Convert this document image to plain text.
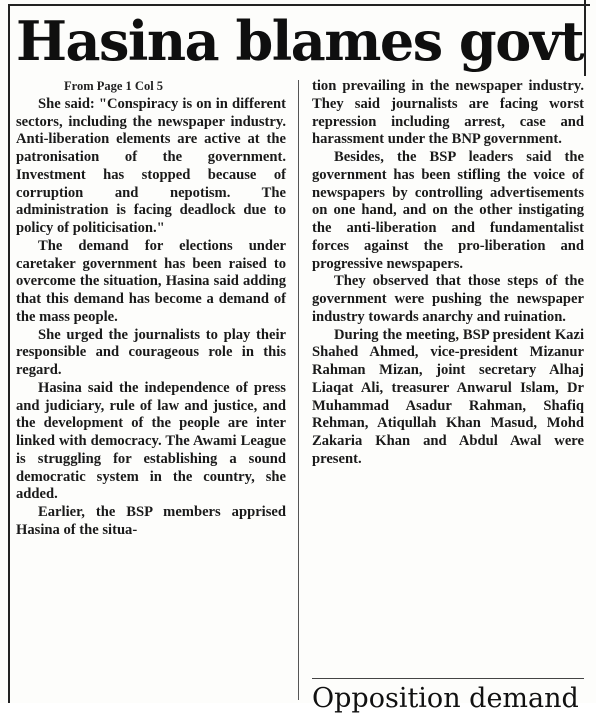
Hasina blames govt
From Page 1 Col 5

She said: "Conspiracy is on in different sectors, including the newspaper industry. Anti-liberation elements are active at the patronisation of the government. Investment has stopped because of corruption and nepotism. The administration is facing deadlock due to policy of politicisation."

The demand for elections under caretaker government has been raised to overcome the situation, Hasina said adding that this demand has become a demand of the mass people.

She urged the journalists to play their responsible and courageous role in this regard.

Hasina said the independence of press and judiciary, rule of law and justice, and the development of the people are inter linked with democracy. The Awami League is struggling for establishing a sound democratic system in the country, she added.

Earlier, the BSP members apprised Hasina of the situa-

tion prevailing in the newspaper industry. They said journalists are facing worst repression including arrest, case and harassment under the BNP government.

Besides, the BSP leaders said the government has been stifling the voice of newspapers by controlling advertisements on one hand, and on the other instigating the anti-liberation and fundamentalist forces against the pro-liberation and progressive newspapers.

They observed that those steps of the government were pushing the newspaper industry towards anarchy and ruination.

During the meeting, BSP president Kazi Shahed Ahmed, vice-president Mizanur Rahman Mizan, joint secretary Alhaj Liaqat Ali, treasurer Anwarul Islam, Dr Muhammad Asadur Rahman, Shafiq Rehman, Atiqullah Khan Masud, Mohd Zakaria Khan and Abdul Awal were present.

Opposition demand
